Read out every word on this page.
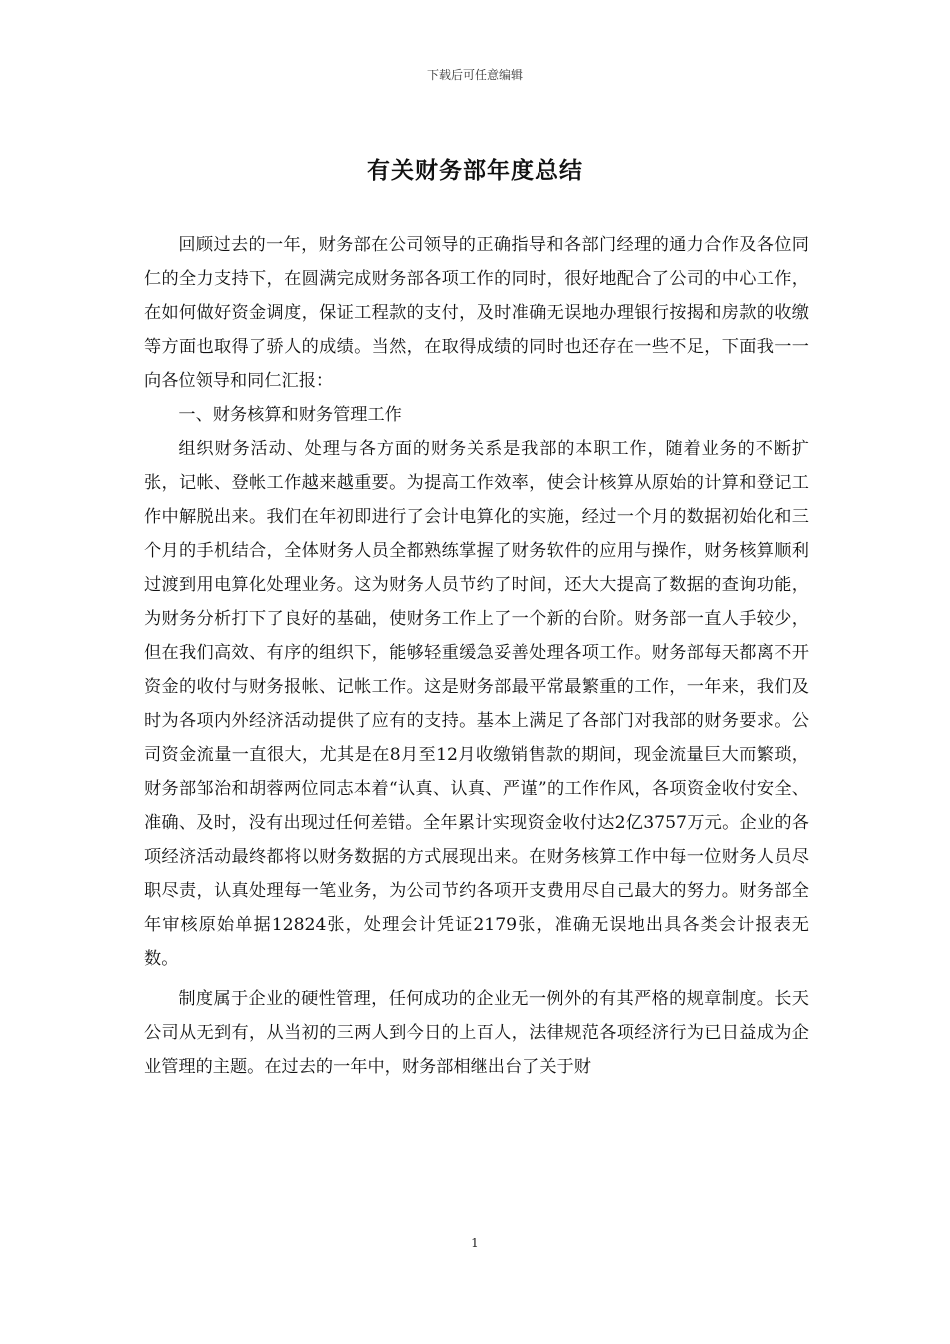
下载后可任意编辑
有关财务部年度总结

回顾过去的一年，财务部在公司领导的正确指导和各部门经理的通力合作及各位同仁的全力支持下，在圆满完成财务部各项工作的同时，很好地配合了公司的中心工作，在如何做好资金调度，保证工程款的支付，及时准确无误地办理银行按揭和房款的收缴等方面也取得了骄人的成绩。当然，在取得成绩的同时也还存在一些不足，下面我一一向各位领导和同仁汇报：

一、财务核算和财务管理工作

组织财务活动、处理与各方面的财务关系是我部的本职工作，随着业务的不断扩张，记帐、登帐工作越来越重要。为提高工作效率，使会计核算从原始的计算和登记工作中解脱出来。我们在年初即进行了会计电算化的实施，经过一个月的数据初始化和三个月的手机结合，全体财务人员全都熟练掌握了财务软件的应用与操作，财务核算顺利过渡到用电算化处理业务。这为财务人员节约了时间，还大大提高了数据的查询功能，为财务分析打下了良好的基础，使财务工作上了一个新的台阶。财务部一直人手较少，但在我们高效、有序的组织下，能够轻重缓急妥善处理各项工作。财务部每天都离不开资金的收付与财务报帐、记帐工作。这是财务部最平常最繁重的工作，一年来，我们及时为各项内外经济活动提供了应有的支持。基本上满足了各部门对我部的财务要求。公司资金流量一直很大，尤其是在8月至12月收缴销售款的期间，现金流量巨大而繁琐，财务部邹治和胡蓉两位同志本着“认真、认真、严谨”的工作作风，各项资金收付安全、准确、及时，没有出现过任何差错。全年累计实现资金收付达2亿3757万元。企业的各项经济活动最终都将以财务数据的方式展现出来。在财务核算工作中每一位财务人员尽职尽责，认真处理每一笔业务，为公司节约各项开支费用尽自己最大的努力。财务部全年审核原始单据12824张，处理会计凭证2179张，准确无误地出具各类会计报表无数。

制度属于企业的硬性管理，任何成功的企业无一例外的有其严格的规章制度。长天公司从无到有，从当初的三两人到今日的上百人，法律规范各项经济行为已日益成为企业管理的主题。在过去的一年中，财务部相继出台了关于财

1
